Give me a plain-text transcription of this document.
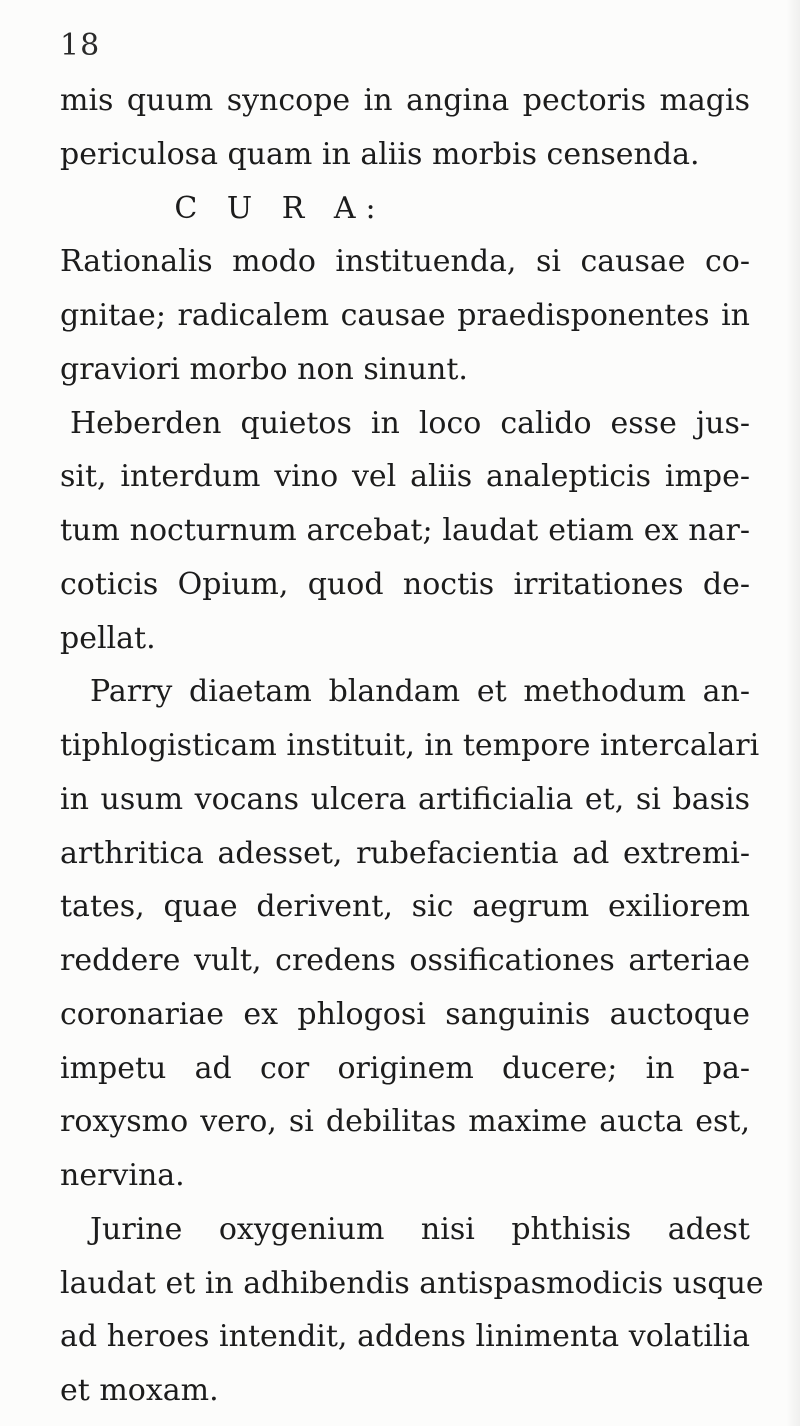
18
mis quum syncope in angina pectoris magis
periculosa quam in aliis morbis censenda.
C U R A:
Rationalis modo instituenda, si causae co-
gnitae; radicalem causae praedisponentes in
graviori morbo non sinunt.
Heberden quietos in loco calido esse jus-
sit, interdum vino vel aliis analepticis impe-
tum nocturnum arcebat; laudat etiam ex nar-
coticis Opium, quod noctis irritationes de-
pellat.
Parry diaetam blandam et methodum an-
tiphlogisticam instituit, in tempore intercalari
in usum vocans ulcera artificialia et, si basis
arthritica adesset, rubefacientia ad extremi-
tates, quae derivent, sic aegrum exiliorem
reddere vult, credens ossificationes arteriae
coronariae ex phlogosi sanguinis auctoque
impetu ad cor originem ducere; in pa-
roxysmo vero, si debilitas maxime aucta est,
nervina.
Jurine oxygenium nisi phthisis adest
laudat et in adhibendis antispasmodicis usque
ad heroes intendit, addens linimenta volatilia
et moxam.
